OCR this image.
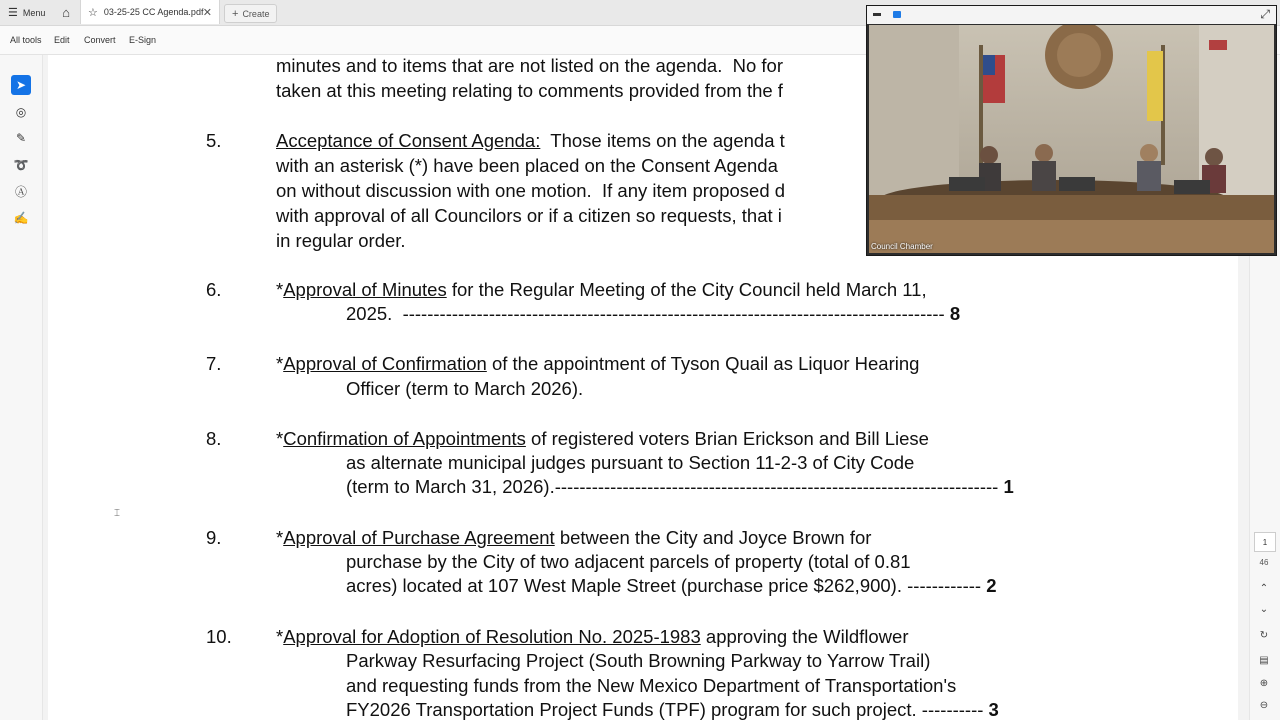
☰ Menu ⌂ ☆ 03-25-25 CC Agenda.pdf ✕ + Create
All tools Edit Convert E-Sign
➤
◎
✎
➰
Ⓐ
✍
minutes and to items that are not listed on the agenda.  No for
taken at this meeting relating to comments provided from the f
5.	Acceptance of Consent Agenda:  Those items on the agenda t
with an asterisk (*) have been placed on the Consent Agenda
on without discussion with one motion.  If any item proposed d
with approval of all Councilors or if a citizen so requests, that i
in regular order.
6.	*Approval of Minutes for the Regular Meeting of the City Council held March 11,
2025.  ---------------------------------------------------------------------------------------- 8
7.	*Approval of Confirmation of the appointment of Tyson Quail as Liquor Hearing
Officer (term to March 2026).
8.	*Confirmation of Appointments of registered voters Brian Erickson and Bill Liese
as alternate municipal judges pursuant to Section 11-2-3 of City Code
(term to March 31, 2026).------------------------------------------------------------------------ 1
9.	*Approval of Purchase Agreement between the City and Joyce Brown for
purchase by the City of two adjacent parcels of property (total of 0.81
acres) located at 107 West Maple Street (purchase price $262,900). ------------ 2
10. *Approval for Adoption of Resolution No. 2025-1983 approving the Wildflower
Parkway Resurfacing Project (South Browning Parkway to Yarrow Trail)
and requesting funds from the New Mexico Department of Transportation's
FY2026 Transportation Project Funds (TPF) program for such project. ---------- 3
⌶
1
46
⌃
⌄
↻
▤
⊕
⊖
⤢
Council Chamber
